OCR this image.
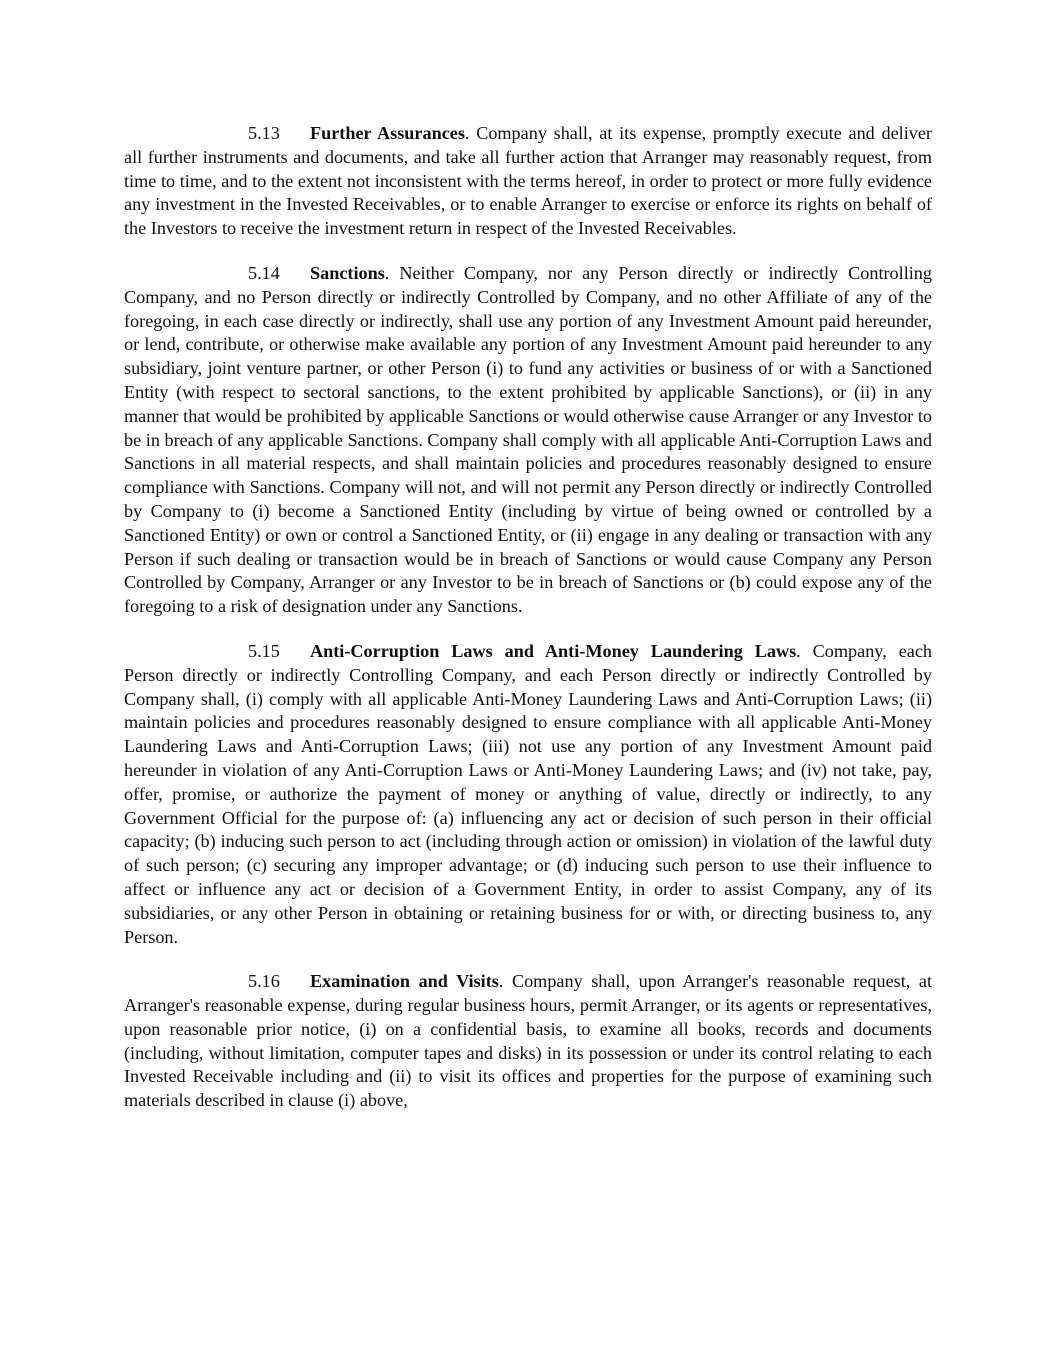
5.13 Further Assurances. Company shall, at its expense, promptly execute and deliver all further instruments and documents, and take all further action that Arranger may reasonably request, from time to time, and to the extent not inconsistent with the terms hereof, in order to protect or more fully evidence any investment in the Invested Receivables, or to enable Arranger to exercise or enforce its rights on behalf of the Investors to receive the investment return in respect of the Invested Receivables.

5.14 Sanctions. Neither Company, nor any Person directly or indirectly Controlling Company, and no Person directly or indirectly Controlled by Company, and no other Affiliate of any of the foregoing, in each case directly or indirectly, shall use any portion of any Investment Amount paid hereunder, or lend, contribute, or otherwise make available any portion of any Investment Amount paid hereunder to any subsidiary, joint venture partner, or other Person (i) to fund any activities or business of or with a Sanctioned Entity (with respect to sectoral sanctions, to the extent prohibited by applicable Sanctions), or (ii) in any manner that would be prohibited by applicable Sanctions or would otherwise cause Arranger or any Investor to be in breach of any applicable Sanctions. Company shall comply with all applicable Anti-Corruption Laws and Sanctions in all material respects, and shall maintain policies and procedures reasonably designed to ensure compliance with Sanctions. Company will not, and will not permit any Person directly or indirectly Controlled by Company to (i) become a Sanctioned Entity (including by virtue of being owned or controlled by a Sanctioned Entity) or own or control a Sanctioned Entity, or (ii) engage in any dealing or transaction with any Person if such dealing or transaction would be in breach of Sanctions or would cause Company any Person Controlled by Company, Arranger or any Investor to be in breach of Sanctions or (b) could expose any of the foregoing to a risk of designation under any Sanctions.

5.15 Anti-Corruption Laws and Anti-Money Laundering Laws. Company, each Person directly or indirectly Controlling Company, and each Person directly or indirectly Controlled by Company shall, (i) comply with all applicable Anti-Money Laundering Laws and Anti-Corruption Laws; (ii) maintain policies and procedures reasonably designed to ensure compliance with all applicable Anti-Money Laundering Laws and Anti-Corruption Laws; (iii) not use any portion of any Investment Amount paid hereunder in violation of any Anti-Corruption Laws or Anti-Money Laundering Laws; and (iv) not take, pay, offer, promise, or authorize the payment of money or anything of value, directly or indirectly, to any Government Official for the purpose of: (a) influencing any act or decision of such person in their official capacity; (b) inducing such person to act (including through action or omission) in violation of the lawful duty of such person; (c) securing any improper advantage; or (d) inducing such person to use their influence to affect or influence any act or decision of a Government Entity, in order to assist Company, any of its subsidiaries, or any other Person in obtaining or retaining business for or with, or directing business to, any Person.

5.16 Examination and Visits. Company shall, upon Arranger's reasonable request, at Arranger's reasonable expense, during regular business hours, permit Arranger, or its agents or representatives, upon reasonable prior notice, (i) on a confidential basis, to examine all books, records and documents (including, without limitation, computer tapes and disks) in its possession or under its control relating to each Invested Receivable including and (ii) to visit its offices and properties for the purpose of examining such materials described in clause (i) above,
